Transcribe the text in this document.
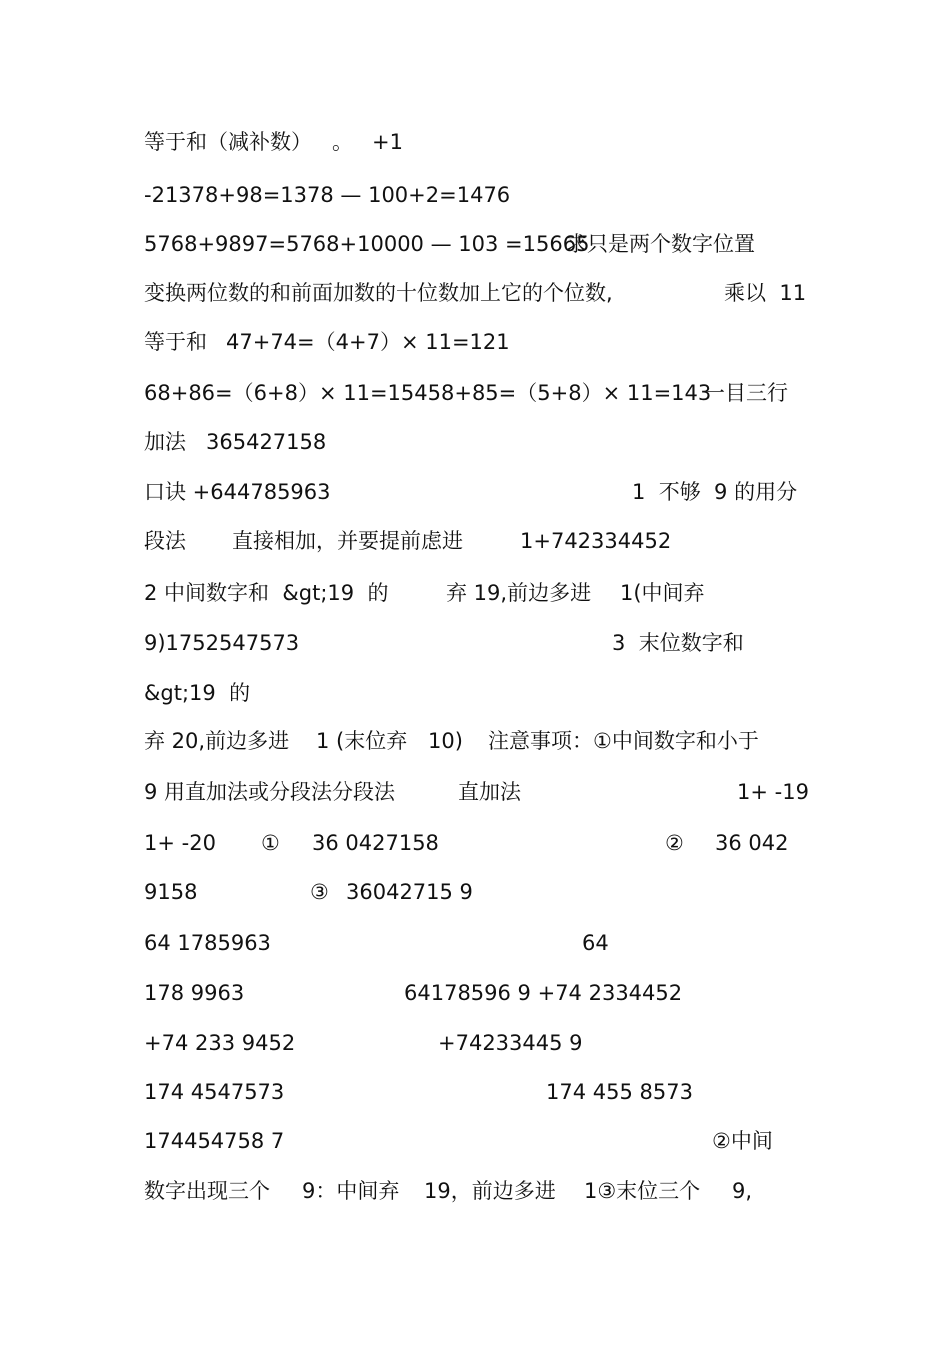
等于和（减补数） 。 +1
-21378+98=1378 — 100+2=1476
5768+9897=5768+10000 — 103 =15665
求只是两个数字位置
变换两位数的和前面加数的十位数加上它的个位数,	乘以  11
等于和 47+74=（4+7）× 11=121
68+86=（6+8）× 11=15458+85=（5+8）× 11=143
一目三行
加法 365427158
口诀 +644785963	1  不够  9 的用分
段法 直接相加，并要提前虑进	1+742334452
2 中间数字和  &gt;19  的	弃 19,前边多进 1(中间弃
9)1752547573	3  末位数字和
&gt;19  的
弃 20,前边多进 1 (末位弃 10) 注意事项：①中间数字和小于
9 用直加法或分段法分段法	直加法	1+ -19
1+ -20 ① 36 0427158	② 36 042
9158	③ 36042715 9
64 1785963	64
178 9963	64178596 9 +74 2334452
+74 233 9452	+74233445 9
174 4547573	174 455 8573
174454758 7	②中间
数字出现三个 9：中间弃 19，前边多进 1③末位三个 9,
